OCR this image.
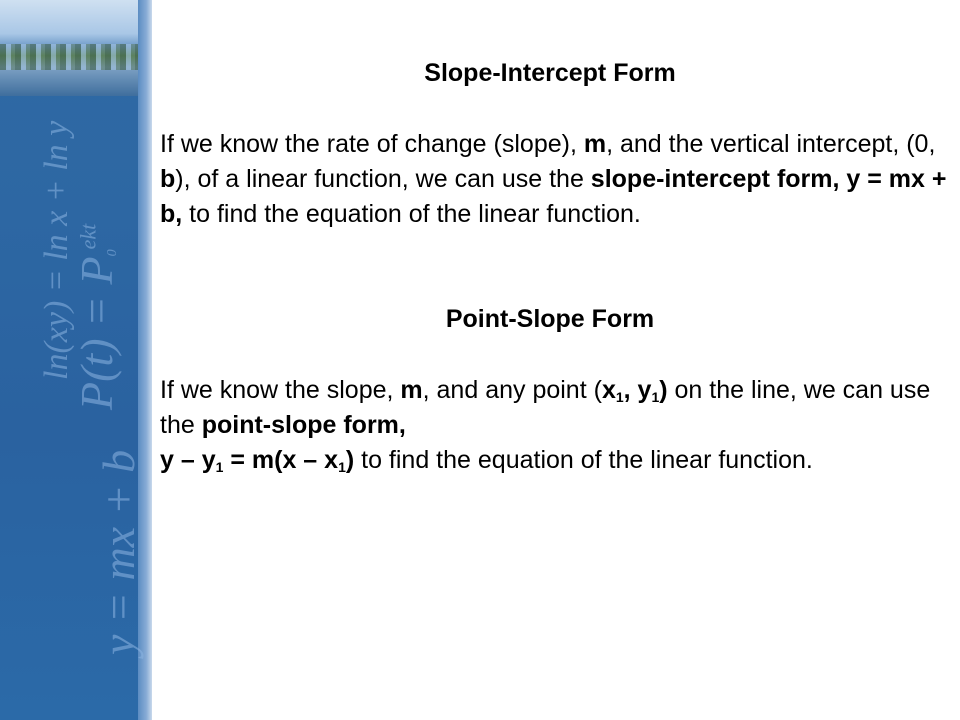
ln(xy) = ln x + ln y
$P(t) = P_0^{ekt}$
y = mx + b

Slope-Intercept Form

If we know the rate of change (slope), m, and the vertical intercept, (0, b), of a linear function, we can use the slope-intercept form, y = mx + b, to find the equation of the linear function.

Point-Slope Form

If we know the slope, m, and any point ($x_1$, $y_1$) on the line, we can use the point-slope form,
$y - y_1 = m(x - x_1)$ to find the equation of the linear function.
